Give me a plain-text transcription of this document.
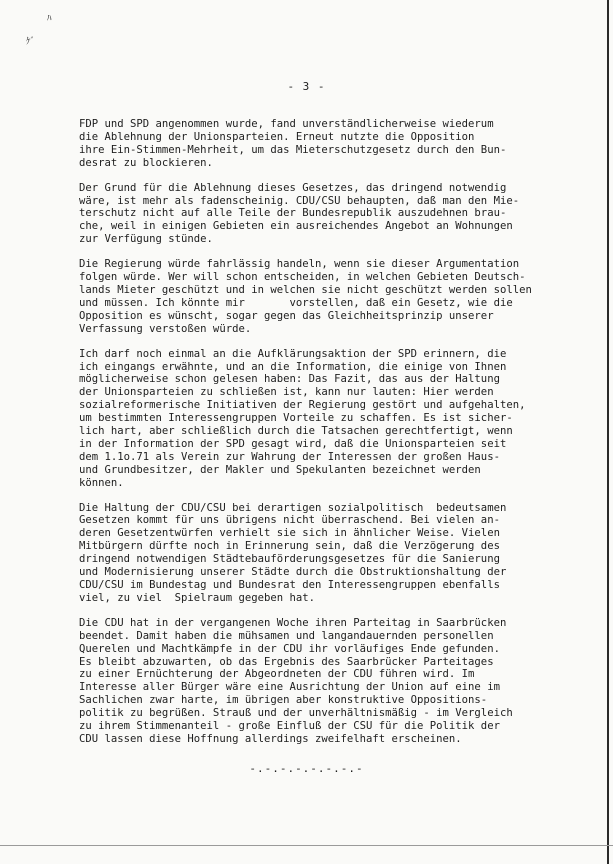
ﾊ
ｹﾞ
- 3 -

FDP und SPD angenommen wurde, fand unverständlicherweise wiederum
die Ablehnung der Unionsparteien. Erneut nutzte die Opposition
ihre Ein-Stimmen-Mehrheit, um das Mieterschutzgesetz durch den Bun-
desrat zu blockieren.

Der Grund für die Ablehnung dieses Gesetzes, das dringend notwendig
wäre, ist mehr als fadenscheinig. CDU/CSU behaupten, daß man den Mie-
terschutz nicht auf alle Teile der Bundesrepublik auszudehnen brau-
che, weil in einigen Gebieten ein ausreichendes Angebot an Wohnungen
zur Verfügung stünde.

Die Regierung würde fahrlässig handeln, wenn sie dieser Argumentation
folgen würde. Wer will schon entscheiden, in welchen Gebieten Deutsch-
lands Mieter geschützt und in welchen sie nicht geschützt werden sollen
und müssen. Ich könnte mir       vorstellen, daß ein Gesetz, wie die
Opposition es wünscht, sogar gegen das Gleichheitsprinzip unserer
Verfassung verstoßen würde.

Ich darf noch einmal an die Aufklärungsaktion der SPD erinnern, die
ich eingangs erwähnte, und an die Information, die einige von Ihnen
möglicherweise schon gelesen haben: Das Fazit, das aus der Haltung
der Unionsparteien zu schließen ist, kann nur lauten: Hier werden
sozialreformerische Initiativen der Regierung gestört und aufgehalten,
um bestimmten Interessengruppen Vorteile zu schaffen. Es ist sicher-
lich hart, aber schließlich durch die Tatsachen gerechtfertigt, wenn
in der Information der SPD gesagt wird, daß die Unionsparteien seit
dem 1.1o.71 als Verein zur Wahrung der Interessen der großen Haus-
und Grundbesitzer, der Makler und Spekulanten bezeichnet werden
können.

Die Haltung der CDU/CSU bei derartigen sozialpolitisch  bedeutsamen
Gesetzen kommt für uns übrigens nicht überraschend. Bei vielen an-
deren Gesetzentwürfen verhielt sie sich in ähnlicher Weise. Vielen
Mitbürgern dürfte noch in Erinnerung sein, daß die Verzögerung des
dringend notwendigen Städtebauförderungsgesetzes für die Sanierung
und Modernisierung unserer Städte durch die Obstruktionshaltung der
CDU/CSU im Bundestag und Bundesrat den Interessengruppen ebenfalls
viel, zu viel  Spielraum gegeben hat.

Die CDU hat in der vergangenen Woche ihren Parteitag in Saarbrücken
beendet. Damit haben die mühsamen und langandauernden personellen
Querelen und Machtkämpfe in der CDU ihr vorläufiges Ende gefunden.
Es bleibt abzuwarten, ob das Ergebnis des Saarbrücker Parteitages
zu einer Ernüchterung der Abgeordneten der CDU führen wird. Im
Interesse aller Bürger wäre eine Ausrichtung der Union auf eine im
Sachlichen zwar harte, im übrigen aber konstruktive Oppositions-
politik zu begrüßen. Strauß und der unverhältnismäßig - im Vergleich
zu ihrem Stimmenanteil - große Einfluß der CSU für die Politik der
CDU lassen diese Hoffnung allerdings zweifelhaft erscheinen.

-.-.-.-.-.-.-.-
